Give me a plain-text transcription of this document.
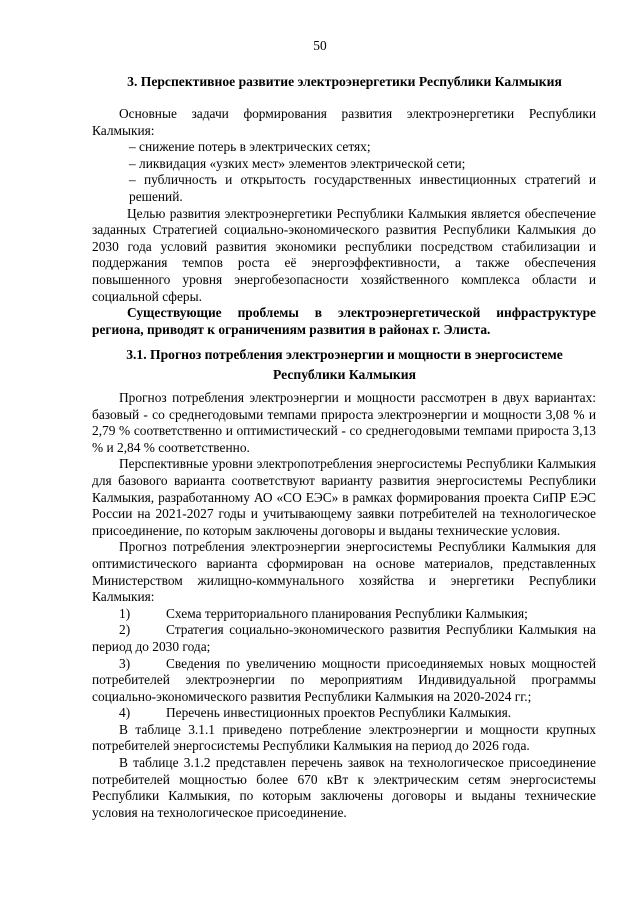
50
3. Перспективное развитие электроэнергетики Республики Калмыкия

Основные задачи формирования развития электроэнергетики Республики Калмыкия:

– снижение потерь в электрических сетях;

– ликвидация «узких мест» элементов электрической сети;

– публичность и открытость государственных инвестиционных стратегий и решений.

Целью развития электроэнергетики Республики Калмыкия является обеспечение заданных Стратегией социально-экономического развития Республики Калмыкия до 2030 года условий развития экономики республики посредством стабилизации и поддержания темпов роста её энергоэффективности, а также обеспечения повышенного уровня энергобезопасности хозяйственного комплекса области и социальной сферы.

Существующие проблемы в электроэнергетической инфраструктуре региона, приводят к ограничениям развития в районах г. Элиста.

3.1. Прогноз потребления электроэнергии и мощности в энергосистеме
Республики Калмыкия

Прогноз потребления электроэнергии и мощности рассмотрен в двух вариантах: базовый - со среднегодовыми темпами прироста электроэнергии и мощности 3,08 % и 2,79 % соответственно и оптимистический - со среднегодовыми темпами прироста 3,13 % и 2,84 % соответственно.

Перспективные уровни электропотребления энергосистемы Республики Калмыкия для базового варианта соответствуют варианту развития энергосистемы Республики Калмыкия, разработанному АО «СО ЕЭС» в рамках формирования проекта СиПР ЕЭС России на 2021-2027 годы и учитывающему заявки потребителей на технологическое присоединение, по которым заключены договоры и выданы технические условия.

Прогноз потребления электроэнергии энергосистемы Республики Калмыкия для оптимистического варианта сформирован на основе материалов, представленных Министерством жилищно-коммунального хозяйства и энергетики Республики Калмыкия:

1)	Схема территориального планирования Республики Калмыкия;

2)	Стратегия социально-экономического развития Республики Калмыкия на период до 2030 года;

3)	Сведения по увеличению мощности присоединяемых новых мощностей потребителей электроэнергии по мероприятиям Индивидуальной программы социально-экономического развития Республики Калмыкия на 2020-2024 гг.;

4)	Перечень инвестиционных проектов Республики Калмыкия.

В таблице 3.1.1 приведено потребление электроэнергии и мощности крупных потребителей энергосистемы Республики Калмыкия на период до 2026 года.

В таблице 3.1.2 представлен перечень заявок на технологическое присоединение потребителей мощностью более 670 кВт к электрическим сетям энергосистемы Республики Калмыкия, по которым заключены договоры и выданы технические условия на технологическое присоединение.
